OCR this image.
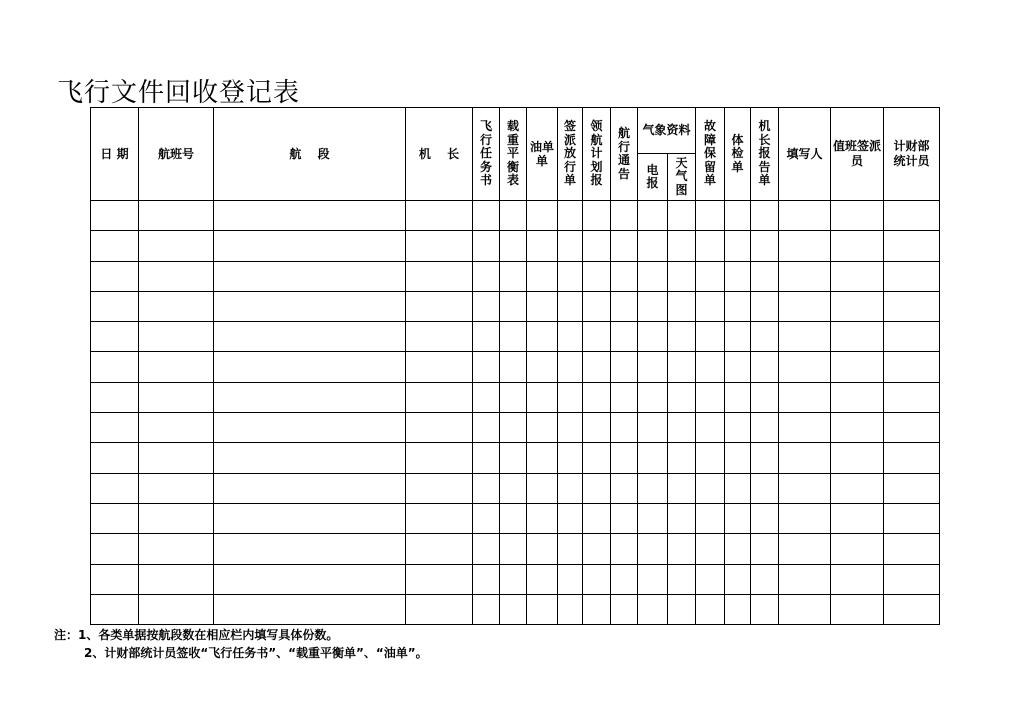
飞行文件回收登记表
日 期	航班号	航　 段	机　 长	飞行任务书	载重平衡表	油单单	签派放行单	领航计划报	航行通告	气象资料		故障保留单	体检单	机长报告单	填写人	值班签派员	计财部统计员
										电报	天气图						

注：1、各类单据按航段数在相应栏内填写具体份数。
2、计财部统计员签收“飞行任务书”、“载重平衡单”、“油单”。
